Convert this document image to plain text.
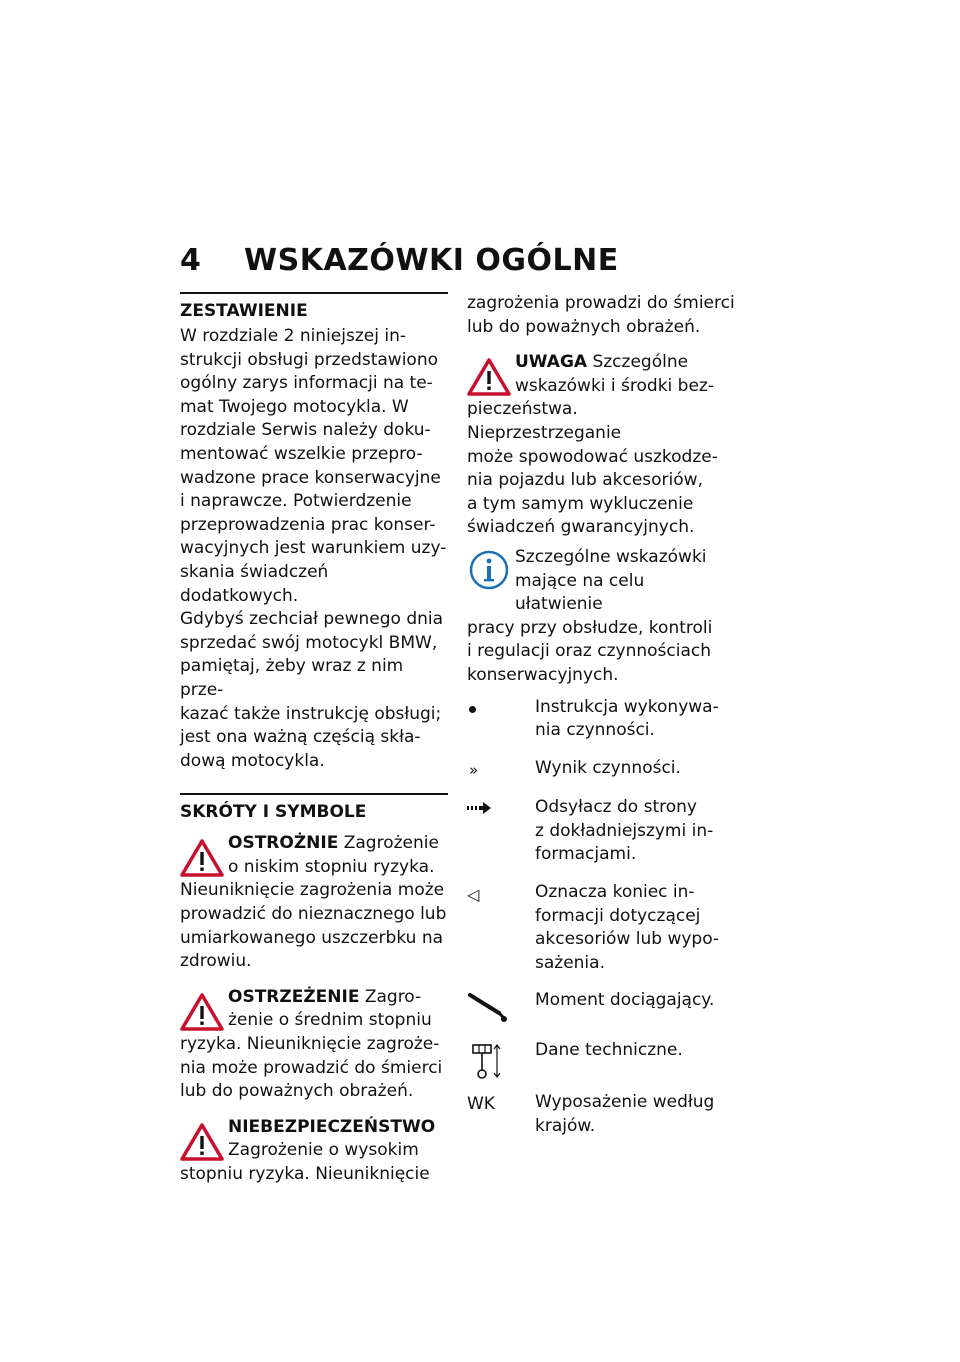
4 WSKAZÓWKI OGÓLNE
ZESTAWIENIE

W rozdziale 2 niniejszej in-

strukcji obsługi przedstawiono

ogólny zarys informacji na te-

mat Twojego motocykla. W

rozdziale Serwis należy doku-

mentować wszelkie przepro-

wadzone prace konserwacyjne

i naprawcze. Potwierdzenie

przeprowadzenia prac konser-

wacyjnych jest warunkiem uzy-

skania świadczeń dodatkowych.

Gdybyś zechciał pewnego dnia

sprzedać swój motocykl BMW,

pamiętaj, żeby wraz z nim prze-

kazać także instrukcję obsługi;

jest ona ważną częścią skła-

dową motocykla.

SKRÓTY I SYMBOLE

OSTROŻNIE Zagrożenie

o niskim stopniu ryzyka.

Nieuniknięcie zagrożenia może

prowadzić do nieznacznego lub

umiarkowanego uszczerbku na

zdrowiu.

OSTRZEŻENIE Zagro-

żenie o średnim stopniu

ryzyka. Nieuniknięcie zagroże-

nia może prowadzić do śmierci

lub do poważnych obrażeń.

NIEBEZPIECZEŃSTWO

Zagrożenie o wysokim

stopniu ryzyka. Nieuniknięcie

zagrożenia prowadzi do śmierci

lub do poważnych obrażeń.

UWAGA Szczególne

wskazówki i środki bez-

pieczeństwa. Nieprzestrzeganie

może spowodować uszkodze-

nia pojazdu lub akcesoriów,

a tym samym wykluczenie

świadczeń gwarancyjnych.

Szczególne wskazówki

mające na celu ułatwienie

pracy przy obsłudze, kontroli

i regulacji oraz czynnościach

konserwacyjnych.

Instrukcja wykonywa-

nia czynności.

»	Wynik czynności.

Odsyłacz do strony

z dokładniejszymi in-

formacjami.

◁	Oznacza koniec in-

formacji dotyczącej

akcesoriów lub wypo-

sażenia.

Moment dociągający.

Dane techniczne.

WK Wyposażenie według

krajów.
